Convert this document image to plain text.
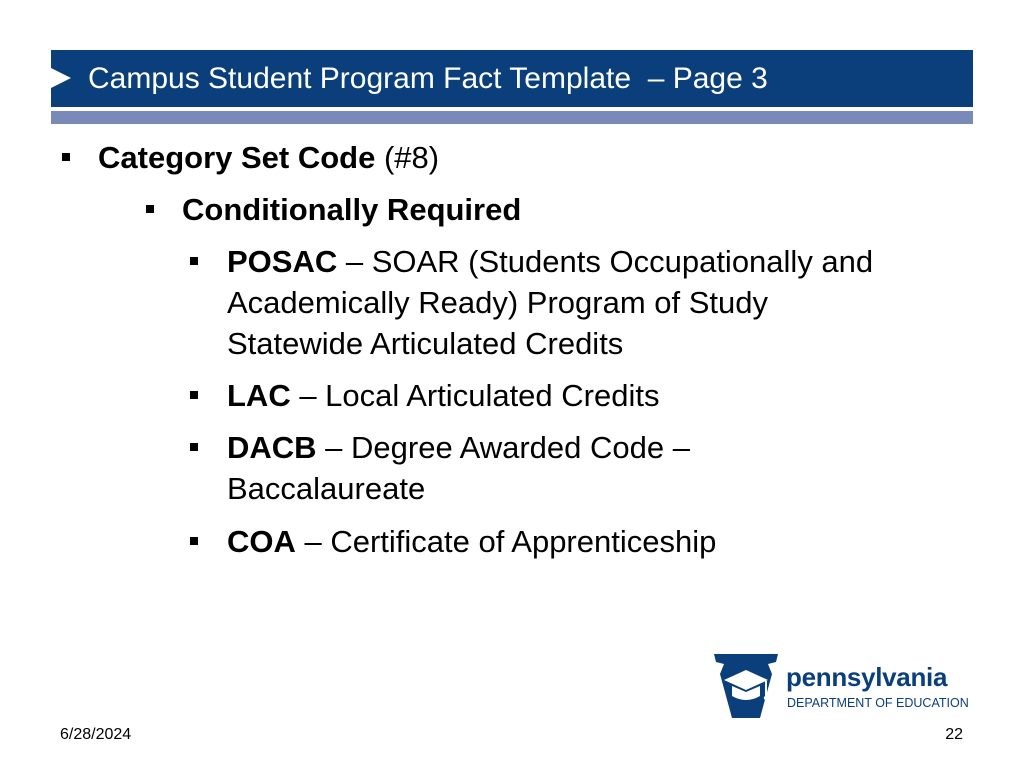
Campus Student Program Fact Template  – Page 3
Category Set Code (#8)
Conditionally Required
POSAC – SOAR (Students Occupationally and
Academically Ready) Program of Study
Statewide Articulated Credits
LAC – Local Articulated Credits
DACB – Degree Awarded Code –
Baccalaureate
COA – Certificate of Apprenticeship
pennsylvania
DEPARTMENT OF EDUCATION
6/28/2024	22
